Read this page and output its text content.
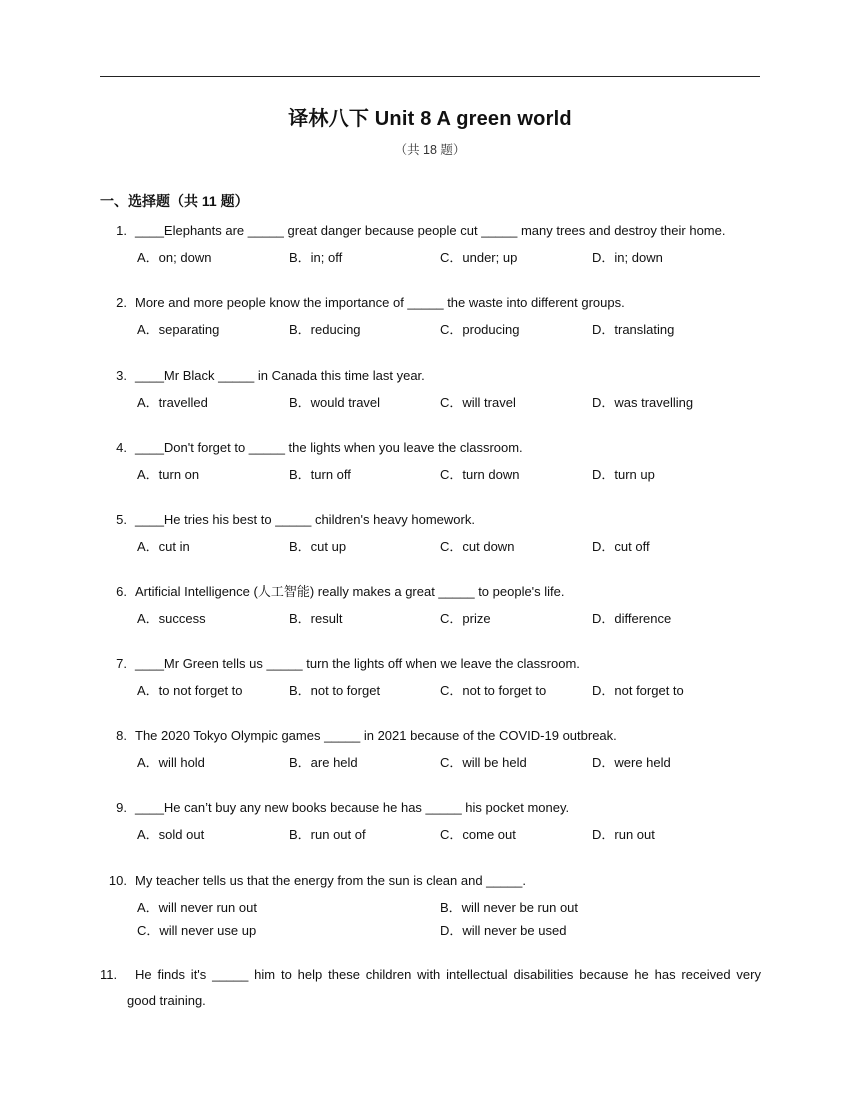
译林八下 Unit 8 A green world
（共 18 题）
一、选择题（共 11 题）
1. ____Elephants are _____ great danger because people cut _____ many trees and destroy their home.
A．on; down	B．in; off	C．under; up	D．in; down
2. More and more people know the importance of _____ the waste into different groups.
A．separating	B．reducing	C．producing	D．translating
3. ____Mr Black _____ in Canada this time last year.
A．travelled	B．would travel	C．will travel	D．was travelling
4. ____Don't forget to _____ the lights when you leave the classroom.
A．turn on	B．turn off	C．turn down	D．turn up
5. ____He tries his best to _____ children's heavy homework.
A．cut in	B．cut up	C．cut down	D．cut off
6. Artificial Intelligence (人工智能) really makes a great _____ to people's life.
A．success	B．result	C．prize	D．difference
7. ____Mr Green tells us _____ turn the lights off when we leave the classroom.
A．to not forget to	B．not to forget	C．not to forget to	D．not forget to
8. The 2020 Tokyo Olympic games _____ in 2021 because of the COVID-19 outbreak.
A．will hold	B．are held	C．will be held	D．were held
9. ____He can’t buy any new books because he has _____ his pocket money.
A．sold out	B．run out of	C．come out	D．run out
10. My teacher tells us that the energy from the sun is clean and _____.
A．will never run out	B．will never be run out
C．will never use up	D．will never be used
11. He finds it's _____ him to help these children with intellectual disabilities because he has received very
good training.
